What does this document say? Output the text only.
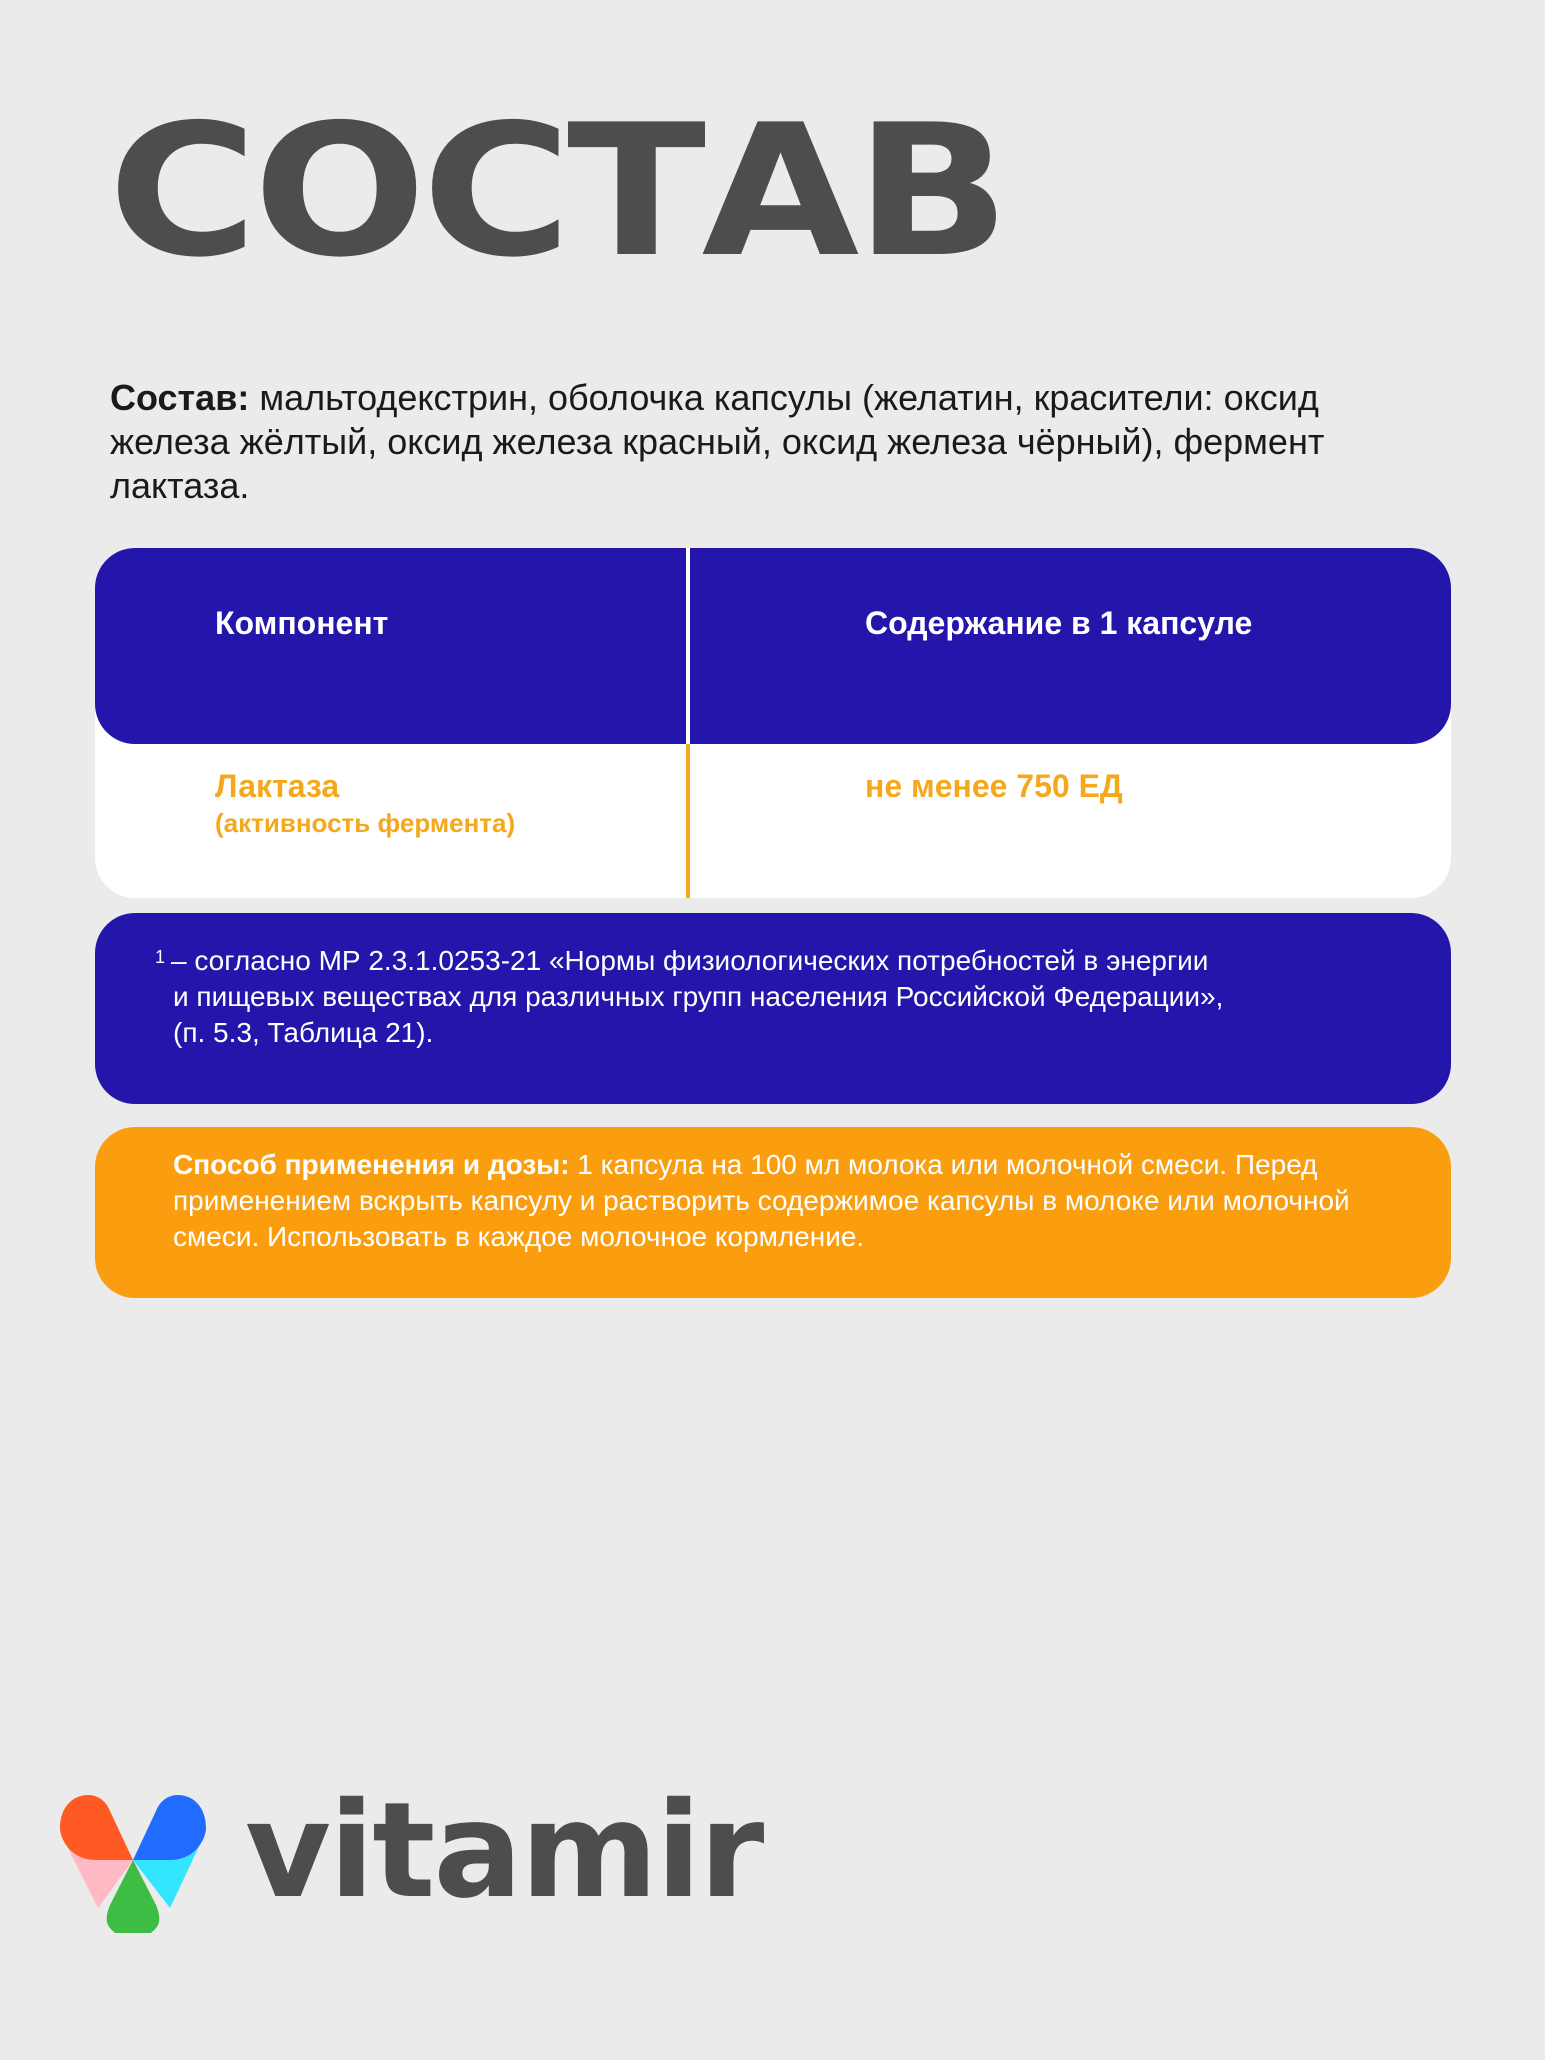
СОСТАВ
Состав: мальтодекстрин, оболочка капсулы (желатин, красители: оксид железа жёлтый, оксид железа красный, оксид железа чёрный), фермент лактаза.
Компонент	Содержание в 1 капсуле
Лактаза
(активность фермента)
не менее 750 ЕД
$^1$ – согласно МР 2.3.1.0253-21 «Нормы физиологических потребностей в энергии
и пищевых веществах для различных групп населения Российской Федерации»,
(п. 5.3, Таблица 21).
Способ применения и дозы: 1 капсула на 100 мл молока или молочной смеси. Перед применением вскрыть капсулу и растворить содержимое капсулы в молоке или молочной смеси. Использовать в каждое молочное кормление.
vitamir
